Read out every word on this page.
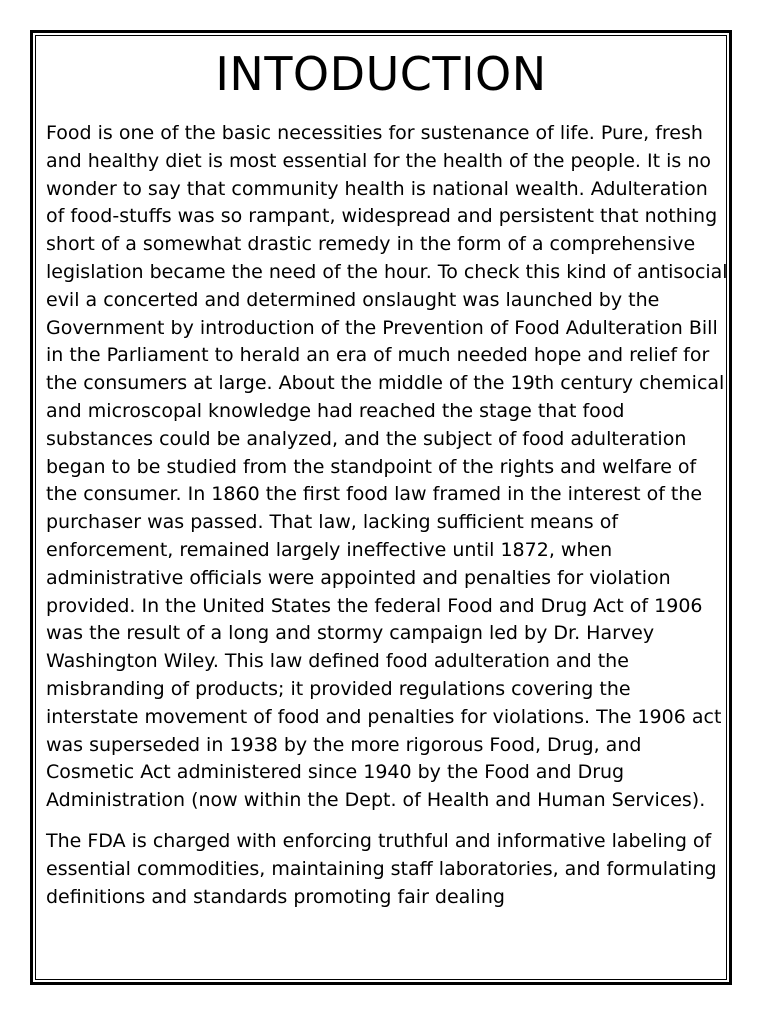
INTODUCTION

Food is one of the basic necessities for sustenance of life. Pure, fresh and healthy diet is most essential for the health of the people. It is no wonder to say that community health is national wealth. Adulteration of food-stuffs was so rampant, widespread and persistent that nothing short of a somewhat drastic remedy in the form of a comprehensive legislation became the need of the hour. To check this kind of antisocial evil a concerted and determined onslaught was launched by the Government by introduction of the Prevention of Food Adulteration Bill in the Parliament to herald an era of much needed hope and relief for the consumers at large. About the middle of the 19th century chemical and microscopal knowledge had reached the stage that food substances could be analyzed, and the subject of food adulteration began to be studied from the standpoint of the rights and welfare of the consumer. In 1860 the first food law framed in the interest of the purchaser was passed. That law, lacking sufficient means of enforcement, remained largely ineffective until 1872, when administrative officials were appointed and penalties for violation provided. In the United States the federal Food and Drug Act of 1906 was the result of a long and stormy campaign led by Dr. Harvey Washington Wiley. This law defined food adulteration and the misbranding of products; it provided regulations covering the interstate movement of food and penalties for violations. The 1906 act was superseded in 1938 by the more rigorous Food, Drug, and Cosmetic Act administered since 1940 by the Food and Drug Administration (now within the Dept. of Health and Human Services).

The FDA is charged with enforcing truthful and informative labeling of essential commodities, maintaining staff laboratories, and formulating definitions and standards promoting fair dealing
